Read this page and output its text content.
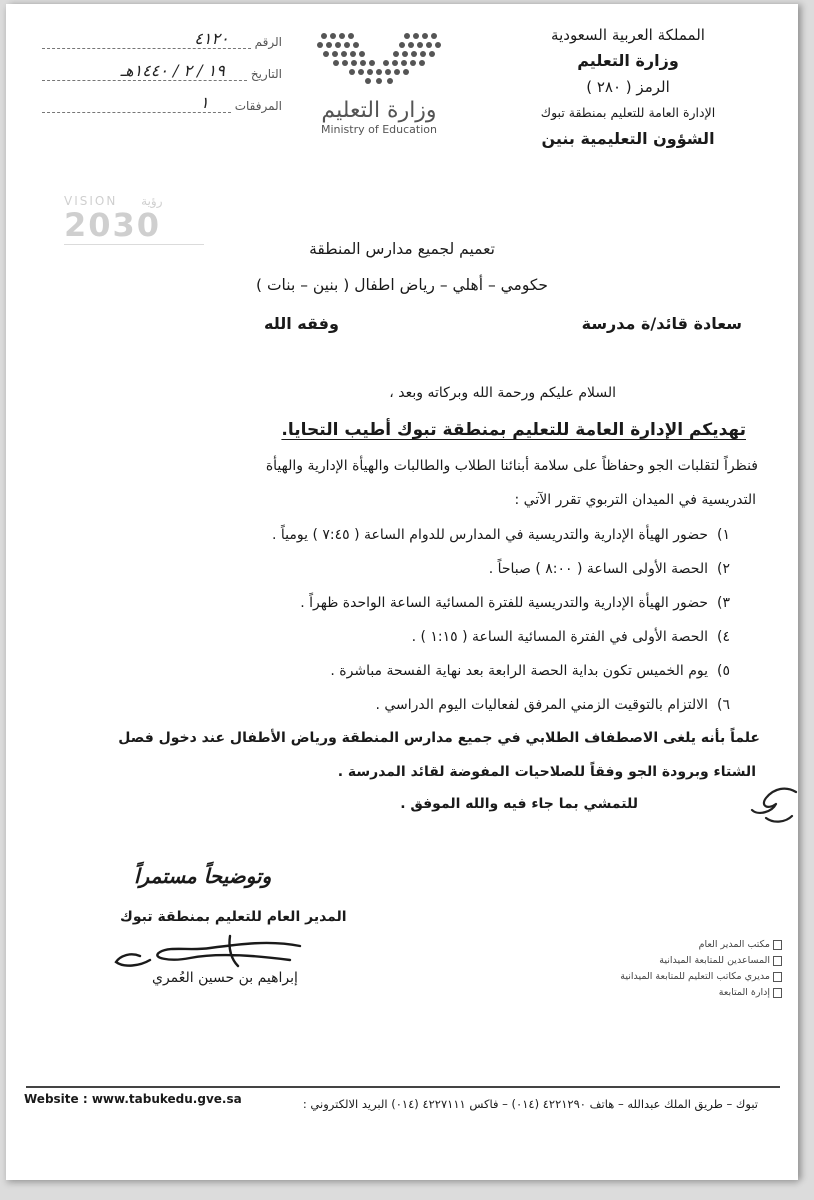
المملكة العربية السعودية
وزارة التعليم
الرمز ( ٢٨٠ )
الإدارة العامة للتعليم بمنطقة تبوك
الشؤون التعليمية بنين
وزارة التعليم
Ministry of Education
الرقم
٤١٢٠
التاريخ
١٩ / ٢ / ١٤٤٠هـ
المرفقات
١
VISION رؤية
2030
تعميم لجميع مدارس المنطقة
حكومي – أهلي – رياض اطفال ( بنين – بنات )
سعادة قائد/ة مدرسة
وفقه الله
السلام عليكم ورحمة الله وبركاته وبعد ،
تهديكم الإدارة العامة للتعليم بمنطقة تبوك أطيب التحايا.
فنظراً لتقلبات الجو وحفاظاً على سلامة أبنائنا الطلاب والطالبات والهيأة الإدارية والهيأة
التدريسية في الميدان التربوي تقرر الآتي :
١)حضور الهيأة الإدارية والتدريسية في المدارس للدوام الساعة ( ٧:٤٥ ) يومياً .
٢)الحصة الأولى الساعة ( ٨:٠٠ ) صباحاً .
٣)حضور الهيأة الإدارية والتدريسية للفترة المسائية الساعة الواحدة ظهراً .
٤)الحصة الأولى في الفترة المسائية الساعة ( ١:١٥ ) .
٥)يوم الخميس تكون بداية الحصة الرابعة بعد نهاية الفسحة مباشرة .
٦)الالتزام بالتوقيت الزمني المرفق لفعاليات اليوم الدراسي .
علماً بأنه يلغى الاصطفاف الطلابي في جميع مدارس المنطقة ورياض الأطفال عند دخول فصل
الشتاء وبرودة الجو وفقاً للصلاحيات المفوضة لقائد المدرسة .
للتمشي بما جاء فيه والله الموفق .
وتوضيحاً مستمراً
المدير العام للتعليم بمنطقة تبوك
إبراهيم بن حسين العُمري
مكتب المدير العام
المساعدين للمتابعة الميدانية
مديري مكاتب التعليم للمتابعة الميدانية
إدارة المتابعة
Website : www.tabukedu.gve.sa	تبوك – طريق الملك عبدالله – هاتف ٤٢٢١٢٩٠ (٠١٤) – فاكس ٤٢٢٧١١١ (٠١٤) البريد الالكتروني :
